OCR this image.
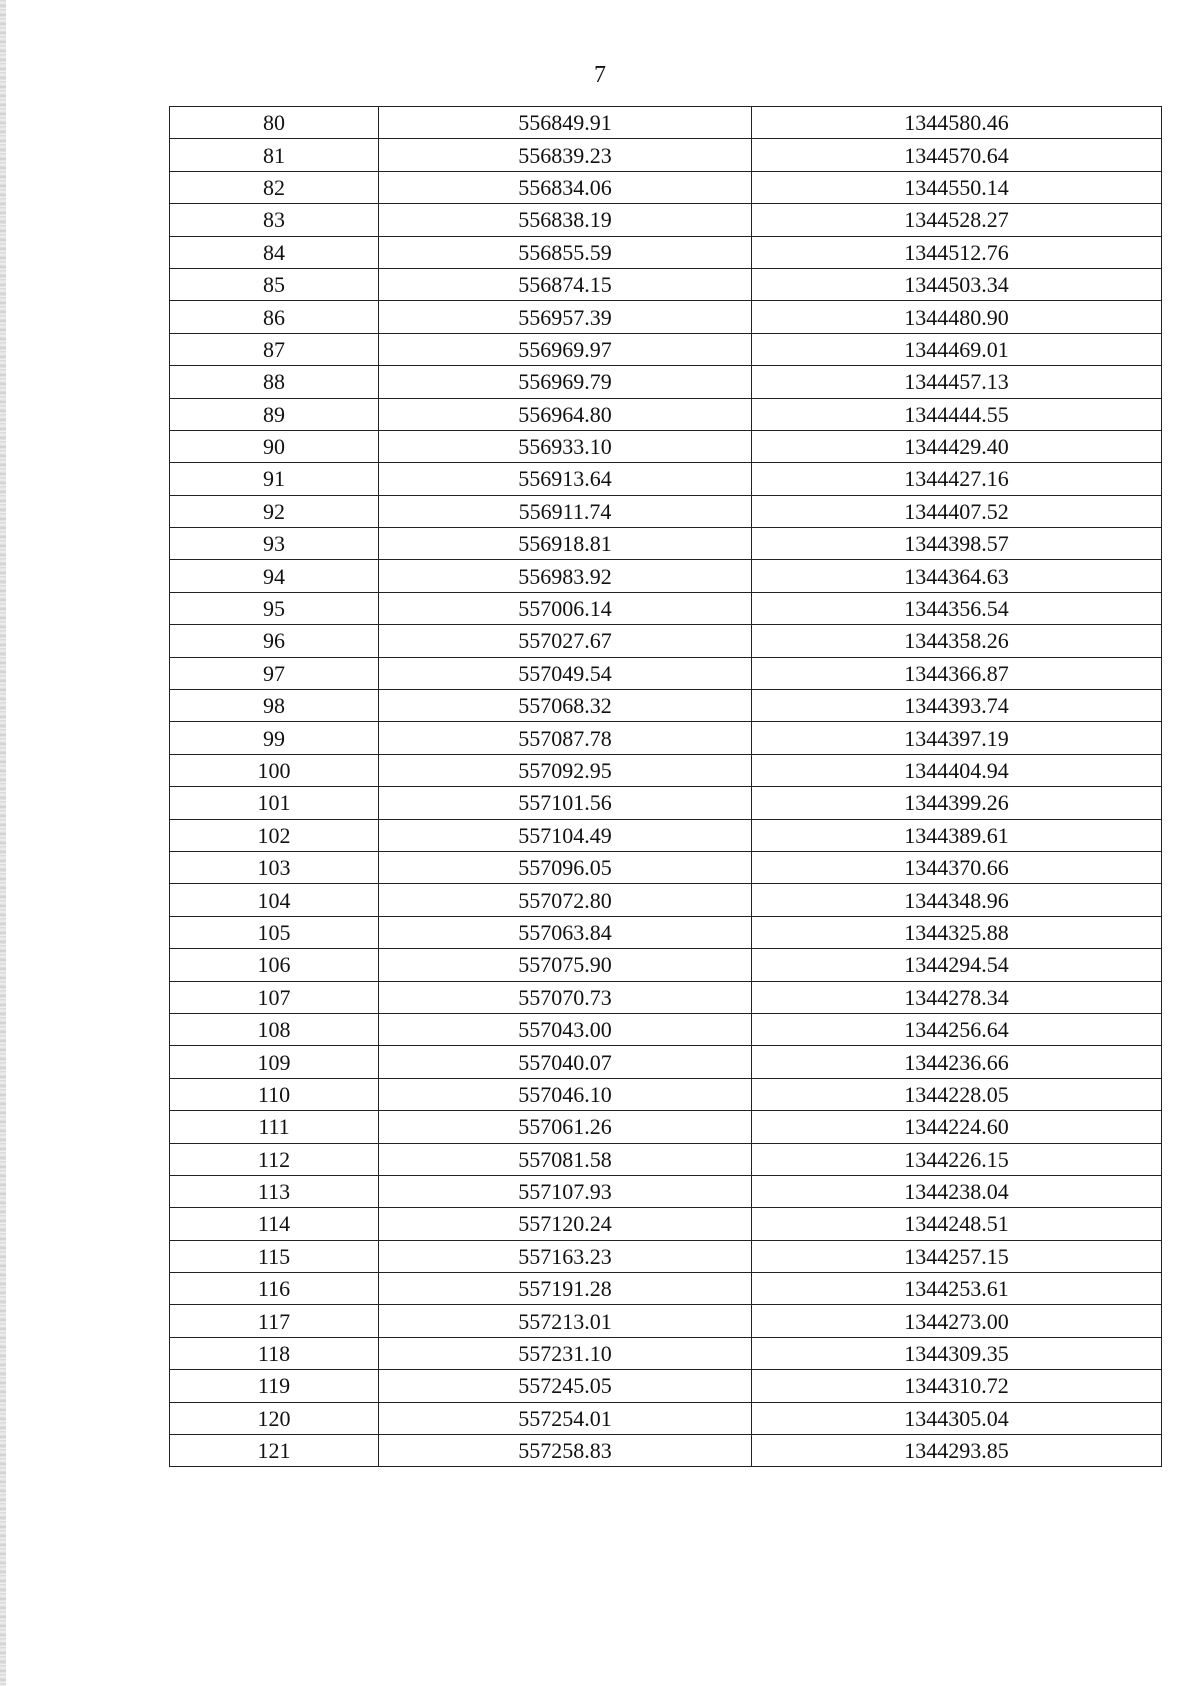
7
80	556849.91	1344580.46
81	556839.23	1344570.64
82	556834.06	1344550.14
83	556838.19	1344528.27
84	556855.59	1344512.76
85	556874.15	1344503.34
86	556957.39	1344480.90
87	556969.97	1344469.01
88	556969.79	1344457.13
89	556964.80	1344444.55
90	556933.10	1344429.40
91	556913.64	1344427.16
92	556911.74	1344407.52
93	556918.81	1344398.57
94	556983.92	1344364.63
95	557006.14	1344356.54
96	557027.67	1344358.26
97	557049.54	1344366.87
98	557068.32	1344393.74
99	557087.78	1344397.19
100	557092.95	1344404.94
101	557101.56	1344399.26
102	557104.49	1344389.61
103	557096.05	1344370.66
104	557072.80	1344348.96
105	557063.84	1344325.88
106	557075.90	1344294.54
107	557070.73	1344278.34
108	557043.00	1344256.64
109	557040.07	1344236.66
110	557046.10	1344228.05
111	557061.26	1344224.60
112	557081.58	1344226.15
113	557107.93	1344238.04
114	557120.24	1344248.51
115	557163.23	1344257.15
116	557191.28	1344253.61
117	557213.01	1344273.00
118	557231.10	1344309.35
119	557245.05	1344310.72
120	557254.01	1344305.04
121	557258.83	1344293.85
